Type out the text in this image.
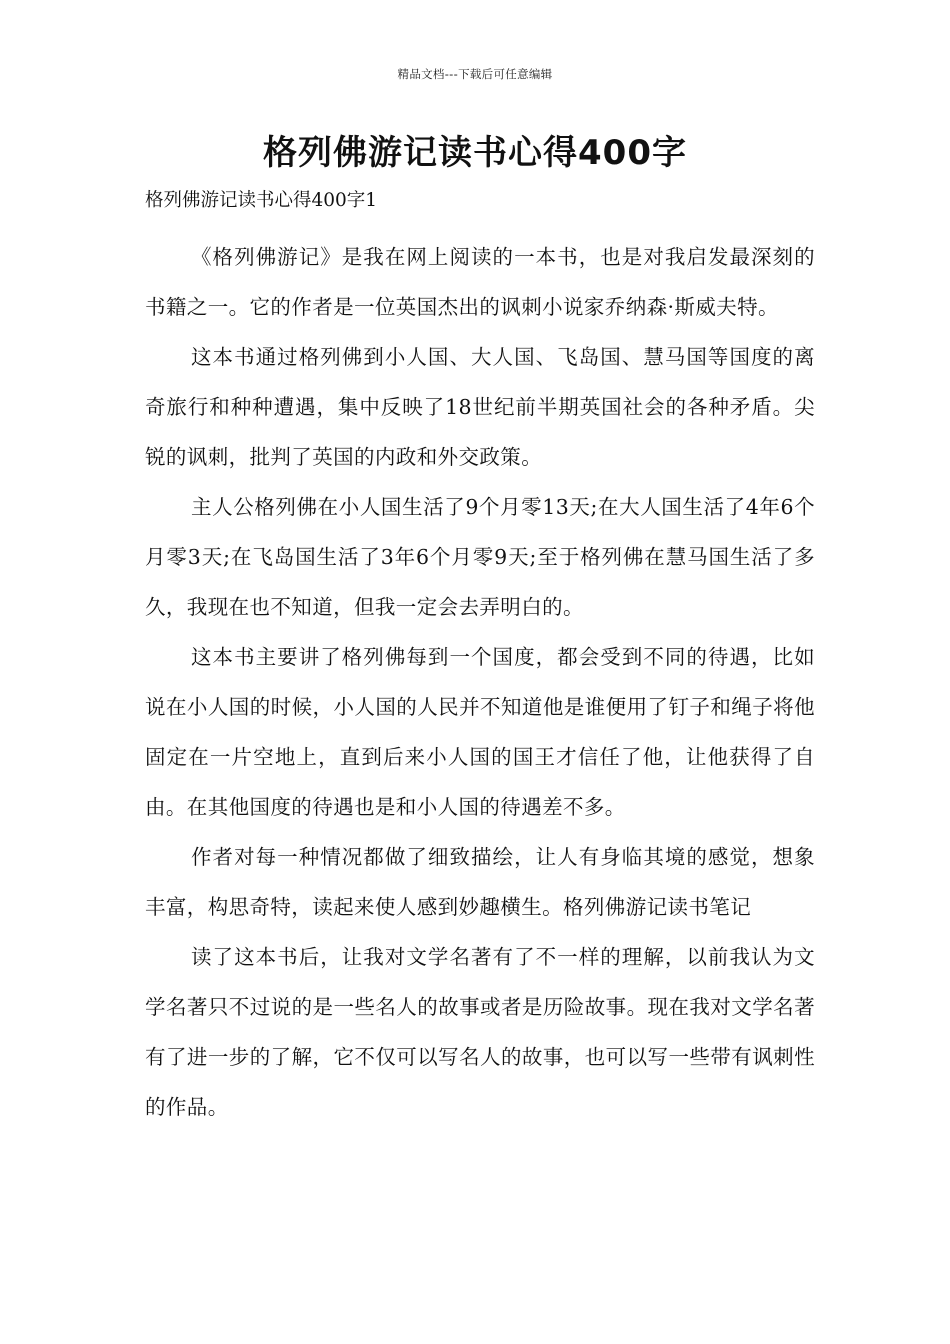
精品文档---下载后可任意编辑
格列佛游记读书心得400字

格列佛游记读书心得400字1

《格列佛游记》是我在网上阅读的一本书，也是对我启发最深刻的书籍之一。它的作者是一位英国杰出的讽刺小说家乔纳森·斯威夫特。

这本书通过格列佛到小人国、大人国、飞岛国、慧马国等国度的离奇旅行和种种遭遇，集中反映了18世纪前半期英国社会的各种矛盾。尖锐的讽刺，批判了英国的内政和外交政策。

主人公格列佛在小人国生活了9个月零13天;在大人国生活了4年6个月零3天;在飞岛国生活了3年6个月零9天;至于格列佛在慧马国生活了多久，我现在也不知道，但我一定会去弄明白的。

这本书主要讲了格列佛每到一个国度，都会受到不同的待遇，比如说在小人国的时候，小人国的人民并不知道他是谁便用了钉子和绳子将他固定在一片空地上，直到后来小人国的国王才信任了他，让他获得了自由。在其他国度的待遇也是和小人国的待遇差不多。

作者对每一种情况都做了细致描绘，让人有身临其境的感觉，想象丰富，构思奇特，读起来使人感到妙趣横生。格列佛游记读书笔记

读了这本书后，让我对文学名著有了不一样的理解，以前我认为文学名著只不过说的是一些名人的故事或者是历险故事。现在我对文学名著有了进一步的了解，它不仅可以写名人的故事，也可以写一些带有讽刺性的作品。
